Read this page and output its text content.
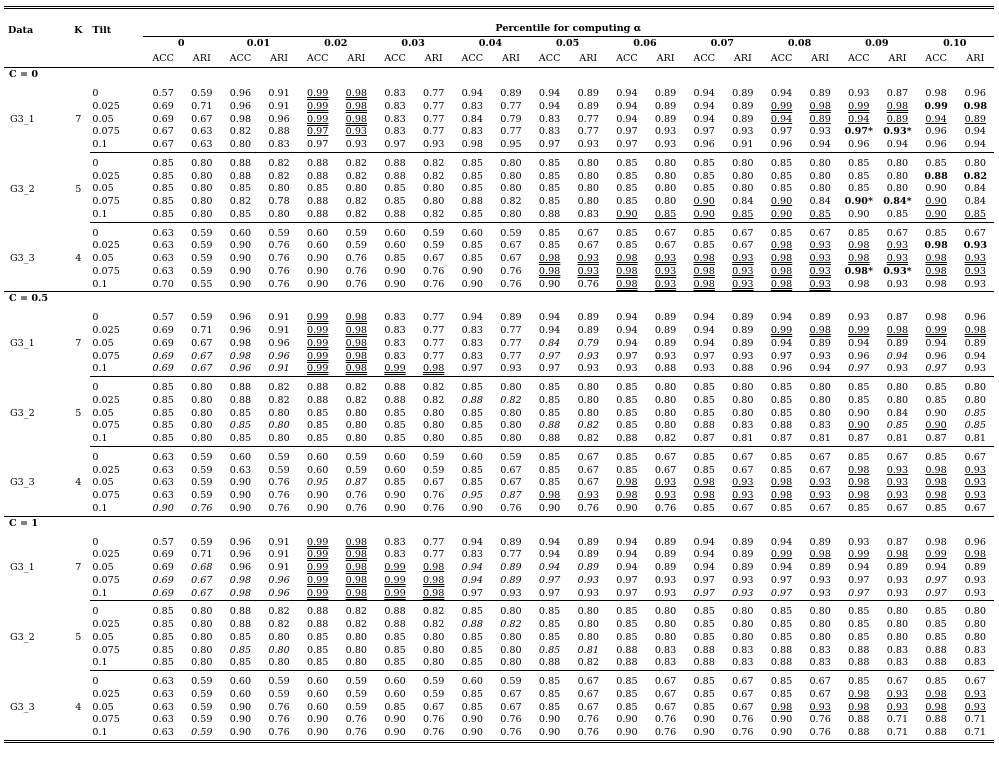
Data	K	Tilt	Percentile for computing α																					
			0		0.01		0.02		0.03		0.04		0.05		0.06		0.07		0.08		0.09		0.10	
			ACC	ARI	ACC	ARI	ACC	ARI	ACC	ARI	ACC	ARI	ACC	ARI	ACC	ARI	ACC	ARI	ACC	ARI	ACC	ARI	ACC	ARI
C = 0																								

G3_1	7	0	0.57	0.59	0.96	0.91	0.99	0.98	0.83	0.77	0.94	0.89	0.94	0.89	0.94	0.89	0.94	0.89	0.94	0.89	0.93	0.87	0.98	0.96
		0.025	0.69	0.71	0.96	0.91	0.99	0.98	0.83	0.77	0.83	0.77	0.94	0.89	0.94	0.89	0.94	0.89	0.99	0.98	0.99	0.98	0.99	0.98
		0.05	0.69	0.67	0.98	0.96	0.99	0.98	0.83	0.77	0.84	0.79	0.83	0.77	0.94	0.89	0.94	0.89	0.94	0.89	0.94	0.89	0.94	0.89
		0.075	0.67	0.63	0.82	0.88	0.97	0.93	0.83	0.77	0.83	0.77	0.83	0.77	0.97	0.93	0.97	0.93	0.97	0.93	0.97*	0.93*	0.96	0.94
		0.1	0.67	0.63	0.80	0.83	0.97	0.93	0.97	0.93	0.98	0.95	0.97	0.93	0.97	0.93	0.96	0.91	0.96	0.94	0.96	0.94	0.96	0.94

G3_2	5	0	0.85	0.80	0.88	0.82	0.88	0.82	0.88	0.82	0.85	0.80	0.85	0.80	0.85	0.80	0.85	0.80	0.85	0.80	0.85	0.80	0.85	0.80
		0.025	0.85	0.80	0.88	0.82	0.88	0.82	0.88	0.82	0.85	0.80	0.85	0.80	0.85	0.80	0.85	0.80	0.85	0.80	0.85	0.80	0.88	0.82
		0.05	0.85	0.80	0.85	0.80	0.85	0.80	0.85	0.80	0.85	0.80	0.85	0.80	0.85	0.80	0.85	0.80	0.85	0.80	0.85	0.80	0.90	0.84
		0.075	0.85	0.80	0.82	0.78	0.88	0.82	0.85	0.80	0.88	0.82	0.85	0.80	0.85	0.80	0.90	0.84	0.90	0.84	0.90*	0.84*	0.90	0.84
		0.1	0.85	0.80	0.85	0.80	0.88	0.82	0.88	0.82	0.85	0.80	0.88	0.83	0.90	0.85	0.90	0.85	0.90	0.85	0.90	0.85	0.90	0.85

G3_3	4	0	0.63	0.59	0.60	0.59	0.60	0.59	0.60	0.59	0.60	0.59	0.85	0.67	0.85	0.67	0.85	0.67	0.85	0.67	0.85	0.67	0.85	0.67
		0.025	0.63	0.59	0.90	0.76	0.60	0.59	0.60	0.59	0.85	0.67	0.85	0.67	0.85	0.67	0.85	0.67	0.98	0.93	0.98	0.93	0.98	0.93
		0.05	0.63	0.59	0.90	0.76	0.90	0.76	0.85	0.67	0.85	0.67	0.98	0.93	0.98	0.93	0.98	0.93	0.98	0.93	0.98	0.93	0.98	0.93
		0.075	0.63	0.59	0.90	0.76	0.90	0.76	0.90	0.76	0.90	0.76	0.98	0.93	0.98	0.93	0.98	0.93	0.98	0.93	0.98*	0.93*	0.98	0.93
		0.1	0.70	0.55	0.90	0.76	0.90	0.76	0.90	0.76	0.90	0.76	0.90	0.76	0.98	0.93	0.98	0.93	0.98	0.93	0.98	0.93	0.98	0.93
C = 0.5																								

G3_1	7	0	0.57	0.59	0.96	0.91	0.99	0.98	0.83	0.77	0.94	0.89	0.94	0.89	0.94	0.89	0.94	0.89	0.94	0.89	0.93	0.87	0.98	0.96
		0.025	0.69	0.71	0.96	0.91	0.99	0.98	0.83	0.77	0.83	0.77	0.94	0.89	0.94	0.89	0.94	0.89	0.99	0.98	0.99	0.98	0.99	0.98
		0.05	0.69	0.67	0.98	0.96	0.99	0.98	0.83	0.77	0.83	0.77	0.84	0.79	0.94	0.89	0.94	0.89	0.94	0.89	0.94	0.89	0.94	0.89
		0.075	0.69	0.67	0.98	0.96	0.99	0.98	0.83	0.77	0.83	0.77	0.97	0.93	0.97	0.93	0.97	0.93	0.97	0.93	0.96	0.94	0.96	0.94
		0.1	0.69	0.67	0.96	0.91	0.99	0.98	0.99	0.98	0.97	0.93	0.97	0.93	0.93	0.88	0.93	0.88	0.96	0.94	0.97	0.93	0.97	0.93

G3_2	5	0	0.85	0.80	0.88	0.82	0.88	0.82	0.88	0.82	0.85	0.80	0.85	0.80	0.85	0.80	0.85	0.80	0.85	0.80	0.85	0.80	0.85	0.80
		0.025	0.85	0.80	0.88	0.82	0.88	0.82	0.88	0.82	0.88	0.82	0.85	0.80	0.85	0.80	0.85	0.80	0.85	0.80	0.85	0.80	0.85	0.80
		0.05	0.85	0.80	0.85	0.80	0.85	0.80	0.85	0.80	0.85	0.80	0.85	0.80	0.85	0.80	0.85	0.80	0.85	0.80	0.90	0.84	0.90	0.85
		0.075	0.85	0.80	0.85	0.80	0.85	0.80	0.85	0.80	0.85	0.80	0.88	0.82	0.85	0.80	0.88	0.83	0.88	0.83	0.90	0.85	0.90	0.85
		0.1	0.85	0.80	0.85	0.80	0.85	0.80	0.85	0.80	0.85	0.80	0.88	0.82	0.88	0.82	0.87	0.81	0.87	0.81	0.87	0.81	0.87	0.81

G3_3	4	0	0.63	0.59	0.60	0.59	0.60	0.59	0.60	0.59	0.60	0.59	0.85	0.67	0.85	0.67	0.85	0.67	0.85	0.67	0.85	0.67	0.85	0.67
		0.025	0.63	0.59	0.63	0.59	0.60	0.59	0.60	0.59	0.85	0.67	0.85	0.67	0.85	0.67	0.85	0.67	0.85	0.67	0.98	0.93	0.98	0.93
		0.05	0.63	0.59	0.90	0.76	0.95	0.87	0.85	0.67	0.85	0.67	0.85	0.67	0.98	0.93	0.98	0.93	0.98	0.93	0.98	0.93	0.98	0.93
		0.075	0.63	0.59	0.90	0.76	0.90	0.76	0.90	0.76	0.95	0.87	0.98	0.93	0.98	0.93	0.98	0.93	0.98	0.93	0.98	0.93	0.98	0.93
		0.1	0.90	0.76	0.90	0.76	0.90	0.76	0.90	0.76	0.90	0.76	0.90	0.76	0.90	0.76	0.85	0.67	0.85	0.67	0.85	0.67	0.85	0.67
C = 1																								

G3_1	7	0	0.57	0.59	0.96	0.91	0.99	0.98	0.83	0.77	0.94	0.89	0.94	0.89	0.94	0.89	0.94	0.89	0.94	0.89	0.93	0.87	0.98	0.96
		0.025	0.69	0.71	0.96	0.91	0.99	0.98	0.83	0.77	0.83	0.77	0.94	0.89	0.94	0.89	0.94	0.89	0.99	0.98	0.99	0.98	0.99	0.98
		0.05	0.69	0.68	0.96	0.91	0.99	0.98	0.99	0.98	0.94	0.89	0.94	0.89	0.94	0.89	0.94	0.89	0.94	0.89	0.94	0.89	0.94	0.89
		0.075	0.69	0.67	0.98	0.96	0.99	0.98	0.99	0.98	0.94	0.89	0.97	0.93	0.97	0.93	0.97	0.93	0.97	0.93	0.97	0.93	0.97	0.93
		0.1	0.69	0.67	0.98	0.96	0.99	0.98	0.99	0.98	0.97	0.93	0.97	0.93	0.97	0.93	0.97	0.93	0.97	0.93	0.97	0.93	0.97	0.93

G3_2	5	0	0.85	0.80	0.88	0.82	0.88	0.82	0.88	0.82	0.85	0.80	0.85	0.80	0.85	0.80	0.85	0.80	0.85	0.80	0.85	0.80	0.85	0.80
		0.025	0.85	0.80	0.88	0.82	0.88	0.82	0.88	0.82	0.88	0.82	0.85	0.80	0.85	0.80	0.85	0.80	0.85	0.80	0.85	0.80	0.85	0.80
		0.05	0.85	0.80	0.85	0.80	0.85	0.80	0.85	0.80	0.85	0.80	0.85	0.80	0.85	0.80	0.85	0.80	0.85	0.80	0.85	0.80	0.85	0.80
		0.075	0.85	0.80	0.85	0.80	0.85	0.80	0.85	0.80	0.85	0.80	0.85	0.81	0.88	0.83	0.88	0.83	0.88	0.83	0.88	0.83	0.88	0.83
		0.1	0.85	0.80	0.85	0.80	0.85	0.80	0.85	0.80	0.85	0.80	0.88	0.82	0.88	0.83	0.88	0.83	0.88	0.83	0.88	0.83	0.88	0.83

G3_3	4	0	0.63	0.59	0.60	0.59	0.60	0.59	0.60	0.59	0.60	0.59	0.85	0.67	0.85	0.67	0.85	0.67	0.85	0.67	0.85	0.67	0.85	0.67
		0.025	0.63	0.59	0.60	0.59	0.60	0.59	0.60	0.59	0.85	0.67	0.85	0.67	0.85	0.67	0.85	0.67	0.85	0.67	0.98	0.93	0.98	0.93
		0.05	0.63	0.59	0.90	0.76	0.60	0.59	0.85	0.67	0.85	0.67	0.85	0.67	0.85	0.67	0.85	0.67	0.98	0.93	0.98	0.93	0.98	0.93
		0.075	0.63	0.59	0.90	0.76	0.90	0.76	0.90	0.76	0.90	0.76	0.90	0.76	0.90	0.76	0.90	0.76	0.90	0.76	0.88	0.71	0.88	0.71
		0.1	0.63	0.59	0.90	0.76	0.90	0.76	0.90	0.76	0.90	0.76	0.90	0.76	0.90	0.76	0.90	0.76	0.90	0.76	0.88	0.71	0.88	0.71
